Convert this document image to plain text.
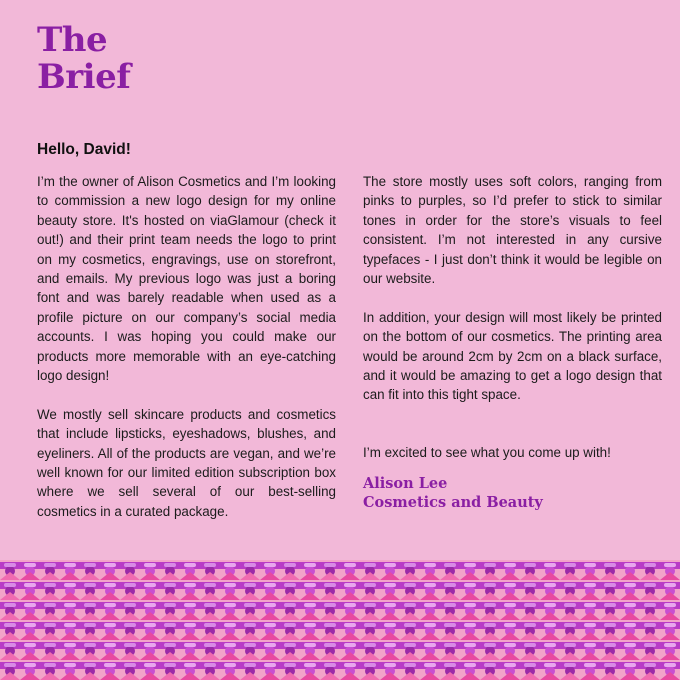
The
Brief
Hello, David!

I’m the owner of Alison Cosmetics and I’m looking to commission a new logo design for my online beauty store. It's hosted on viaGlamour (check it out!) and their print team needs the logo to print on my cosmetics, engravings, use on storefront, and emails. My previous logo was just a boring font and was barely readable when used as a profile picture on our company’s social media accounts. I was hoping you could make our products more memorable with an eye-catching logo design!

We mostly sell skincare products and cosmetics that include lipsticks, eyeshadows, blushes, and eyeliners. All of the products are vegan, and we’re well known for our limited edition subscription box where we sell several of our best-selling cosmetics in a curated package.

The store mostly uses soft colors, ranging from pinks to purples, so I’d prefer to stick to similar tones in order for the store’s visuals to feel consistent. I’m not interested in any cursive typefaces - I just don’t think it would be legible on our website.

In addition, your design will most likely be printed on the bottom of our cosmetics. The printing area would be around 2cm by 2cm on a black surface, and it would be amazing to get a logo design that can fit into this tight space.

I’m excited to see what you come up with!

Alison Lee
Cosmetics and Beauty
